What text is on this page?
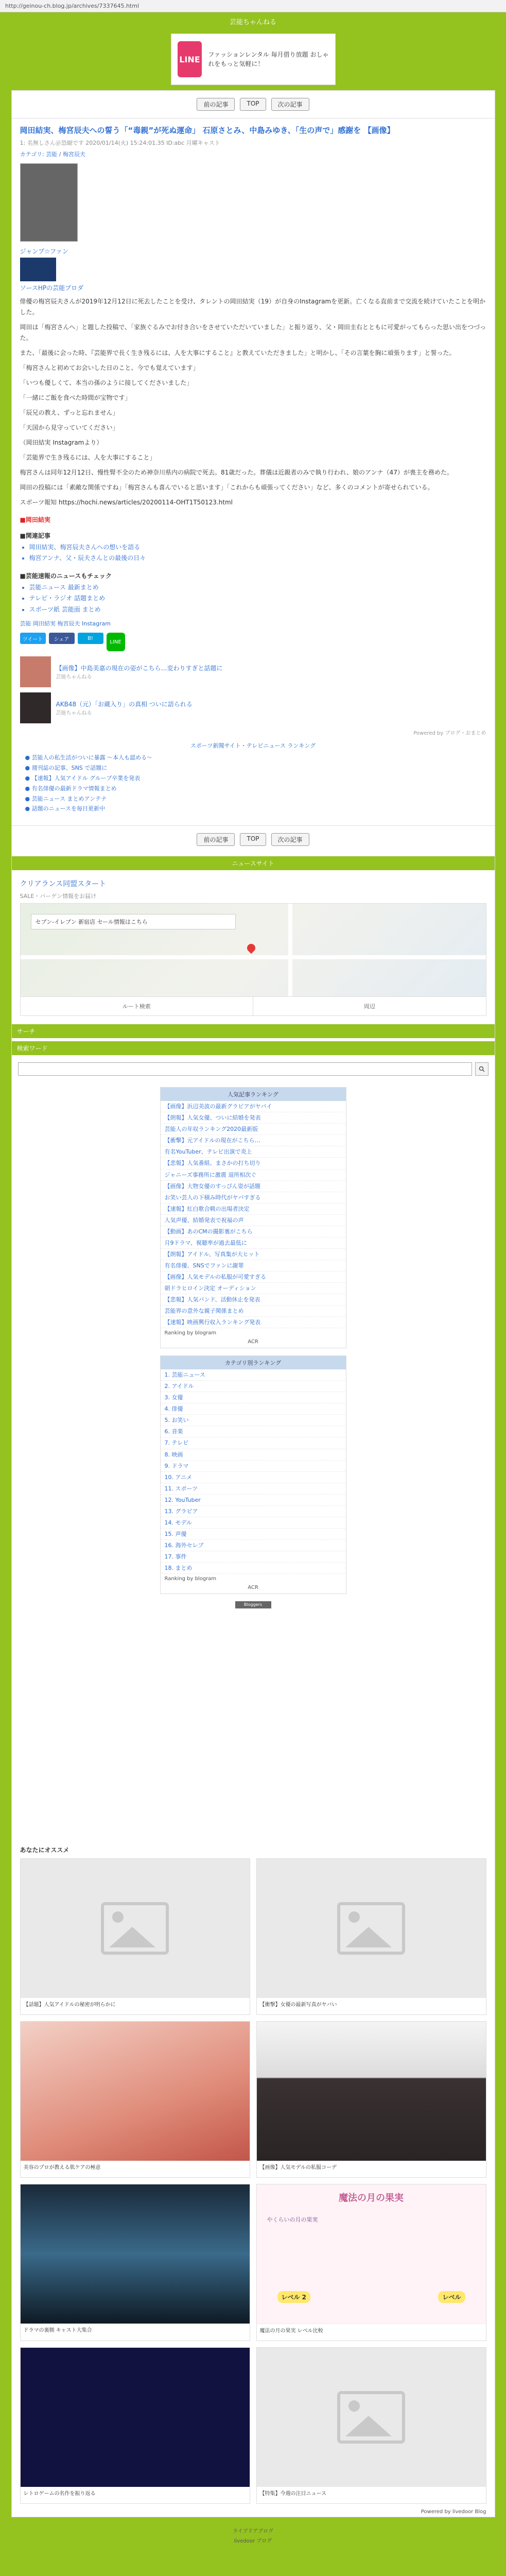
http://geinou-ch.blog.jp/archives/7337645.html
芸能ちゃんねる
LINE	ファッションレンタル 毎月借り放題 おしゃれをもっと気軽に！
前の記事	TOP	次の記事
岡田結実、梅宮辰夫への誓う「“毒親”が死ぬ運命」 石原さとみ、中島みゆき、「生の声で」感謝を 【画像】
1: 名無しさん＠恐縮です 2020/01/14(火) 15:24:01.35 ID:abc 月曜キャスト
カテゴリ: 芸能 / 梅宮辰夫
ジャンプ☆ファン
ソースHPの芸能プロダ

俳優の梅宮辰夫さんが2019年12月12日に死去したことを受け、タレントの岡田結実（19）が自身のInstagramを更新。亡くなる直前まで交流を続けていたことを明かした。

岡田は「梅宮さんへ」と題した投稿で、「家族ぐるみでお付き合いをさせていただいていました」と振り返り、父・岡田圭右とともに可愛がってもらった思い出をつづった。

また、「最後に会った時、『芸能界で長く生き残るには、人を大事にすること』と教えていただきました」と明かし、「その言葉を胸に頑張ります」と誓った。

「梅宮さんと初めてお会いした日のこと、今でも覚えています」

「いつも優しくて、本当の孫のように接してくださいました」

「一緒にご飯を食べた時間が宝物です」

「辰兄の教え、ずっと忘れません」

「天国から見守っていてください」

（岡田結実 Instagramより）

「芸能界で生き残るには、人を大事にすること」

梅宮さんは同年12月12日、慢性腎不全のため神奈川県内の病院で死去。81歳だった。葬儀は近親者のみで執り行われ、娘のアンナ（47）が喪主を務めた。

岡田の投稿には「素敵な関係ですね」「梅宮さんも喜んでいると思います」「これからも頑張ってください」など、多くのコメントが寄せられている。

スポーツ報知 https://hochi.news/articles/20200114-OHT1T50123.html

■岡田結実
■関連記事
• 岡田結実、梅宮辰夫さんへの想いを語る
• 梅宮アンナ、父・辰夫さんとの最後の日々
■芸能速報のニュースもチェック
• 芸能ニュース 最新まとめ
• テレビ・ラジオ 話題まとめ
• スポーツ紙 芸能面 まとめ
芸能 岡田結実 梅宮辰夫 Instagram
ツイート	シェア	B!
LINE
【画像】中島美嘉の現在の姿がこちら…変わりすぎと話題に
芸能ちゃんねる
AKB48（元）「お蔵入り」の真相 ついに語られる
芸能ちゃんねる
Powered by ブログ・おまとめ
スポーツ新聞サイト・テレビニュース ランキング
● 芸能人の私生活がついに暴露 ～本人も認める～
● 週刊誌の記事、SNS で話題に
● 【速報】人気アイドル グループ卒業を発表
● 有名俳優の最新ドラマ情報まとめ
● 芸能ニュース まとめアンテナ
● 話題のニュースを毎日更新中
前の記事	TOP	次の記事
ニュースサイト
クリアランス同盟スタート
SALE・バーゲン情報をお届け
セブン-イレブン 新宿店 セール情報はこちら
ルート検索	周辺
サーチ
検索ワード
人気記事ランキング
【画像】浜辺美波の最新グラビアがヤバイ
【朗報】人気女優、ついに結婚を発表
芸能人の年収ランキング2020最新版
【衝撃】元アイドルの現在がこちら…
有名YouTuber、テレビ出演で炎上
【悲報】人気番組、まさかの打ち切り
ジャニーズ事務所に激震 退所相次ぐ
【画像】大物女優のすっぴん姿が話題
お笑い芸人の下積み時代がヤバすぎる
【速報】紅白歌合戦の出場者決定
人気声優、結婚発表で祝福の声
【動画】あのCMの撮影裏がこちら
月9ドラマ、視聴率が過去最低に
【朗報】アイドル、写真集が大ヒット
有名俳優、SNSでファンに謝罪
【画像】人気モデルの私服が可愛すぎる
朝ドラヒロイン決定 オーディション
【悲報】人気バンド、活動休止を発表
芸能界の意外な親子関係まとめ
【速報】映画興行収入ランキング発表
Ranking by blogram
ACR
カテゴリ別ランキング
1. 芸能ニュース
2. アイドル
3. 女優
4. 俳優
5. お笑い
6. 音楽
7. テレビ
8. 映画
9. ドラマ
10. アニメ
11. スポーツ
12. YouTuber
13. グラビア
14. モデル
15. 声優
16. 海外セレブ
17. 事件
18. まとめ
Ranking by blogram
ACR
Bloggers
あなたにオススメ
【話題】人気アイドルの秘密が明らかに	【衝撃】女優の最新写真がヤバい
美容のプロが教える肌ケアの極意	【画像】人気モデルの私服コーデ
ドラマの裏側 キャスト大集合
魔法の月の果実
やくらいの月の果実
レベル 2	レベル
魔法の月の果実 レベル比較
レトロゲームの名作を振り返る	【特集】今週の注目ニュース
Powered by livedoor Blog
ライブドアブログ
livedoor ブログ
